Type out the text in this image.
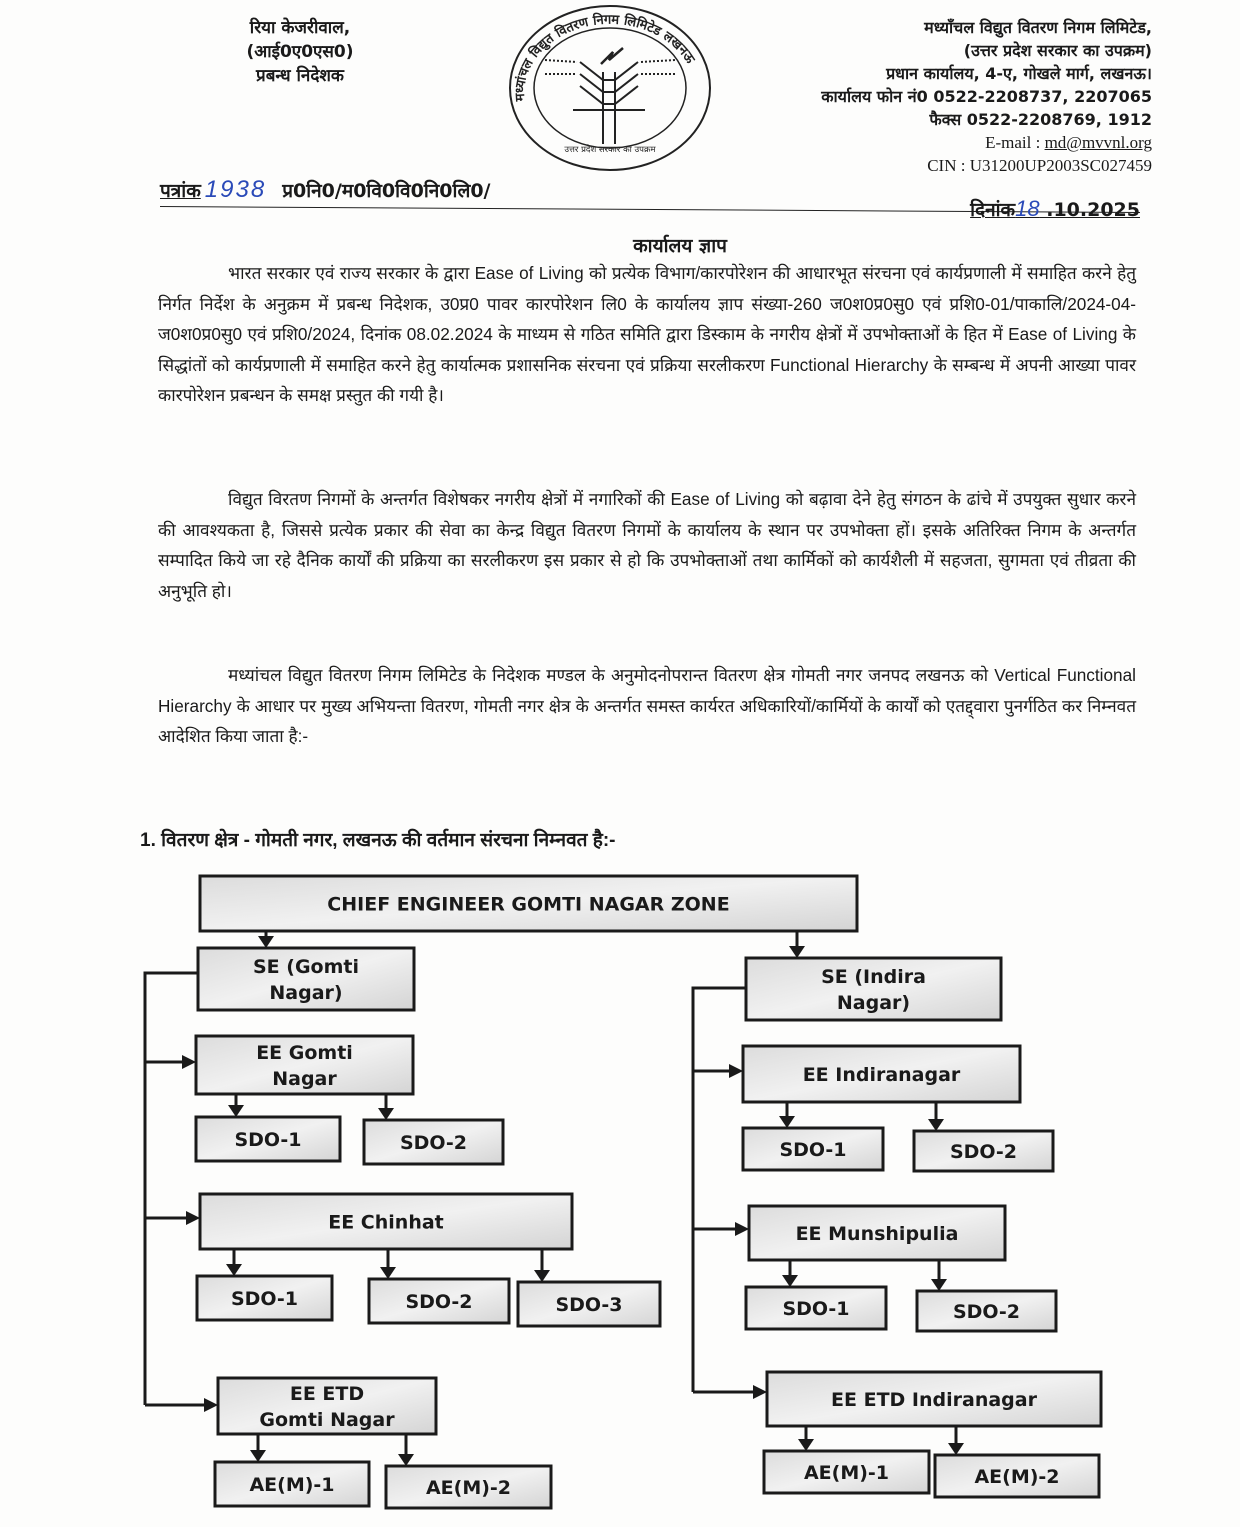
रिया केजरीवाल,
(आई0ए0एस0)
प्रबन्ध निदेशक
मध्यांचल विद्युत वितरण निगम लिमिटेड लखनऊ
उत्तर प्रदेश सरकार का उपक्रम
मध्याँचल विद्युत वितरण निगम लिमिटेड,
(उत्तर प्रदेश सरकार का उपक्रम)
प्रधान कार्यालय, 4-ए, गोखले मार्ग, लखनऊ।
कार्यालय फोन नं0 0522-2208737, 2207065
फैक्स 0522-2208769, 1912
E-mail : md@mvvnl.org
CIN : U31200UP2003SC027459
पत्रांक 1938 प्र0नि0/म0वि0वि0नि0लि0/
दिनांक18 .10.2025
कार्यालय ज्ञाप
भारत सरकार एवं राज्य सरकार के द्वारा Ease of Living को प्रत्येक विभाग/कारपोरेशन की आधारभूत संरचना एवं कार्यप्रणाली में समाहित करने हेतु निर्गत निर्देश के अनुक्रम में प्रबन्ध निदेशक, उ0प्र0 पावर कारपोरेशन लि0 के कार्यालय ज्ञाप संख्या-260 ज0श0प्र0सु0 एवं प्रशि0-01/पाकालि/2024-04-ज0श0प्र0सु0 एवं प्रशि0/2024, दिनांक 08.02.2024 के माध्यम से गठित समिति द्वारा डिस्काम के नगरीय क्षेत्रों में उपभोक्ताओं के हित में Ease of Living के सिद्धांतों को कार्यप्रणाली में समाहित करने हेतु कार्यात्मक प्रशासनिक संरचना एवं प्रक्रिया सरलीकरण Functional Hierarchy के सम्बन्ध में अपनी आख्या पावर कारपोरेशन प्रबन्धन के समक्ष प्रस्तुत की गयी है।
विद्युत विरतण निगमों के अन्तर्गत विशेषकर नगरीय क्षेत्रों में नगारिकों की Ease of Living को बढ़ावा देने हेतु संगठन के ढांचे में उपयुक्त सुधार करने की आवश्यकता है, जिससे प्रत्येक प्रकार की सेवा का केन्द्र विद्युत वितरण निगमों के कार्यालय के स्थान पर उपभोक्ता हों। इसके अतिरिक्त निगम के अन्तर्गत सम्पादित किये जा रहे दैनिक कार्यों की प्रक्रिया का सरलीकरण इस प्रकार से हो कि उपभोक्ताओं तथा कार्मिकों को कार्यशैली में सहजता, सुगमता एवं तीव्रता की अनुभूति हो।
मध्यांचल विद्युत वितरण निगम लिमिटेड के निदेशक मण्डल के अनुमोदनोपरान्त वितरण क्षेत्र गोमती नगर जनपद लखनऊ को Vertical Functional Hierarchy के आधार पर मुख्य अभियन्ता वितरण, गोमती नगर क्षेत्र के अन्तर्गत समस्त कार्यरत अधिकारियों/कार्मियों के कार्यों को एतद्द्वारा पुनर्गठित कर निम्नवत आदेशित किया जाता है:-
1. वितरण क्षेत्र - गोमती नगर, लखनऊ की वर्तमान संरचना निम्नवत है:-
CHIEF ENGINEER GOMTI NAGAR ZONE
SE (Gomti
Nagar)
SE (Indira
Nagar)
EE Gomti
Nagar
SDO-1	SDO-2
EE Chinhat
SDO-1	SDO-2	SDO-3
EE ETD
Gomti Nagar
AE(M)-1	AE(M)-2
EE Indiranagar
SDO-1	SDO-2
EE Munshipulia
SDO-1	SDO-2
EE ETD Indiranagar
AE(M)-1	AE(M)-2
